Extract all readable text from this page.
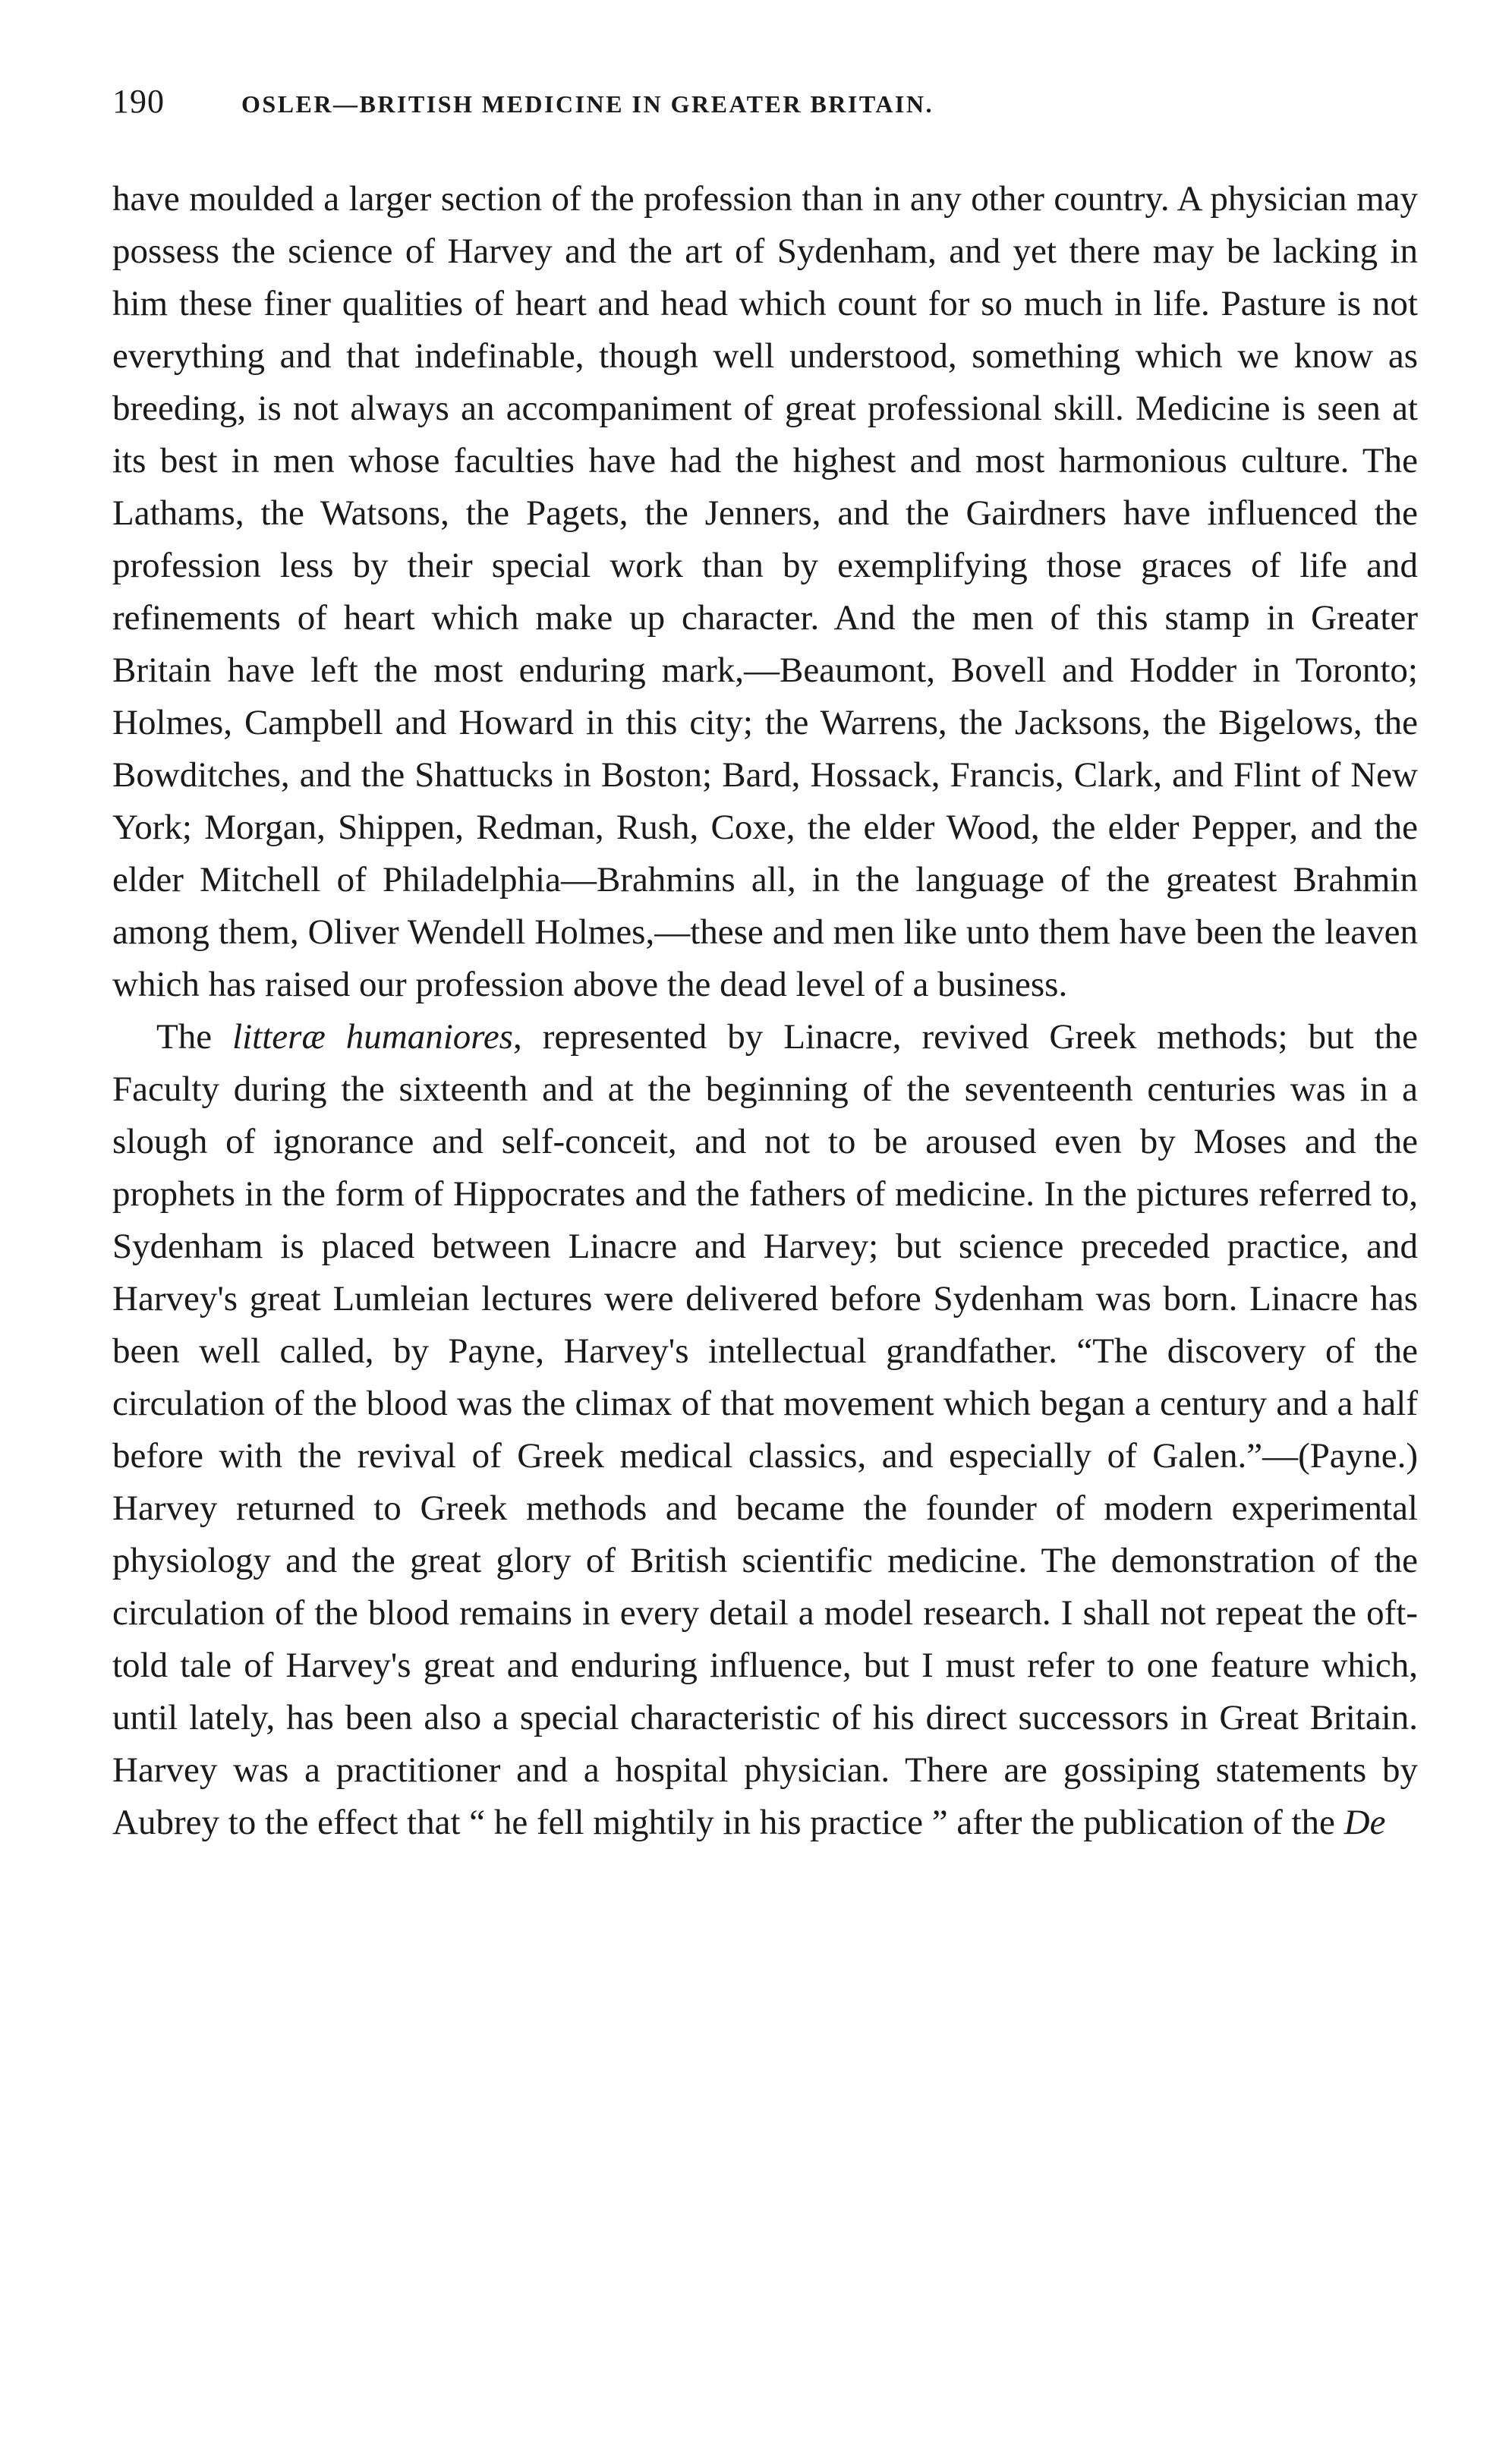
190	OSLER—BRITISH MEDICINE IN GREATER BRITAIN.

have moulded a larger section of the profession than in any other country. A physician may possess the science of Harvey and the art of Sydenham, and yet there may be lacking in him these finer qualities of heart and head which count for so much in life. Pasture is not everything and that indefinable, though well understood, something which we know as breeding, is not always an accompaniment of great professional skill. Medicine is seen at its best in men whose faculties have had the highest and most harmonious culture. The Lathams, the Watsons, the Pagets, the Jenners, and the Gairdners have influenced the profession less by their special work than by exemplifying those graces of life and refinements of heart which make up character. And the men of this stamp in Greater Britain have left the most enduring mark,—Beaumont, Bovell and Hodder in Toronto; Holmes, Campbell and Howard in this city; the Warrens, the Jacksons, the Bigelows, the Bowditches, and the Shattucks in Boston; Bard, Hossack, Francis, Clark, and Flint of New York; Morgan, Shippen, Redman, Rush, Coxe, the elder Wood, the elder Pepper, and the elder Mitchell of Philadelphia—Brahmins all, in the language of the greatest Brahmin among them, Oliver Wendell Holmes,—these and men like unto them have been the leaven which has raised our profession above the dead level of a business.

The litteræ humaniores, represented by Linacre, revived Greek methods; but the Faculty during the sixteenth and at the beginning of the seventeenth centuries was in a slough of ignorance and self-conceit, and not to be aroused even by Moses and the prophets in the form of Hippocrates and the fathers of medicine. In the pictures referred to, Sydenham is placed between Linacre and Harvey; but science preceded practice, and Harvey's great Lumleian lectures were delivered before Sydenham was born. Linacre has been well called, by Payne, Harvey's intellectual grandfather. “The discovery of the circulation of the blood was the climax of that movement which began a century and a half before with the revival of Greek medical classics, and especially of Galen.”—(Payne.) Harvey returned to Greek methods and became the founder of modern experimental physiology and the great glory of British scientific medicine. The demonstration of the circulation of the blood remains in every detail a model research. I shall not repeat the oft-told tale of Harvey's great and enduring influence, but I must refer to one feature which, until lately, has been also a special characteristic of his direct successors in Great Britain. Harvey was a practitioner and a hospital physician. There are gossiping statements by Aubrey to the effect that “ he fell mightily in his practice ” after the publication of the De
